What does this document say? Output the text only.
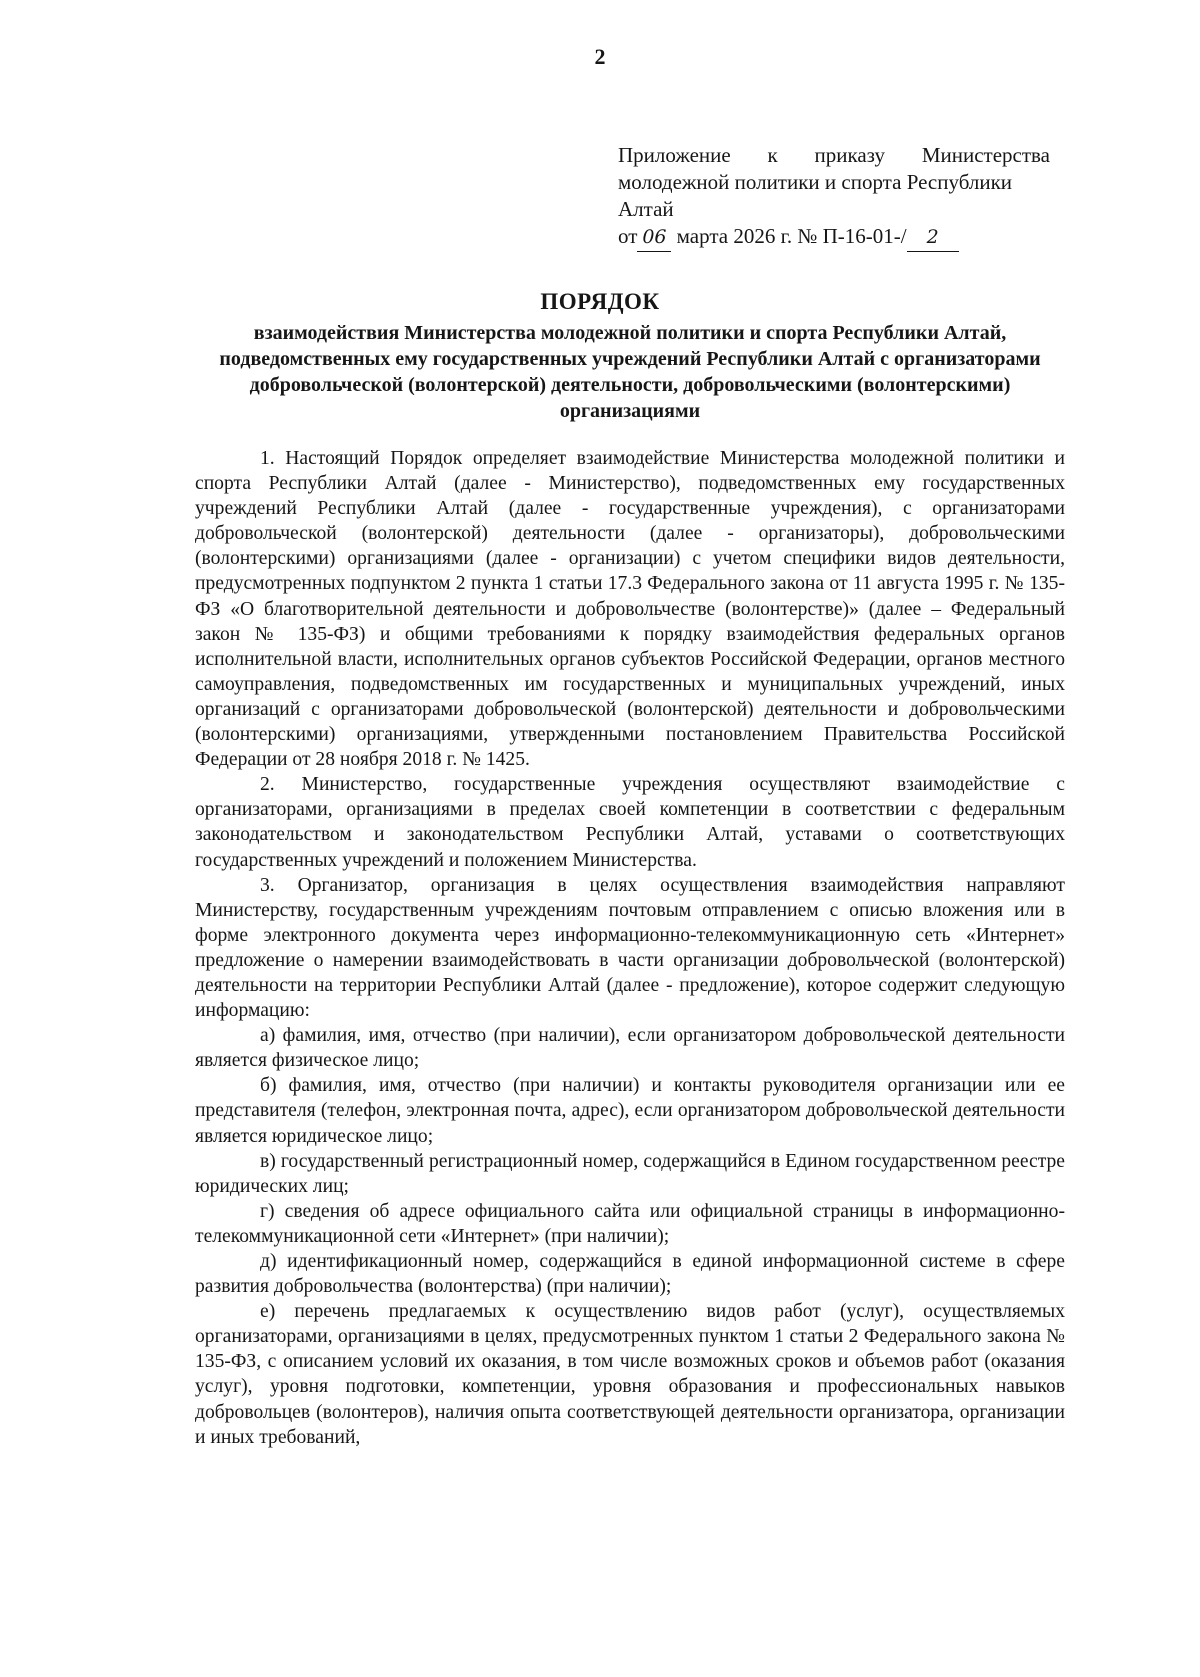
2
Приложение к приказу Министерства
молодежной политики и спорта Республики
Алтай
от 06 марта 2026 г. № П-16-01-/ 2
ПОРЯДОК
взаимодействия Министерства молодежной политики и спорта Республики Алтай, подведомственных ему государственных учреждений Республики Алтай с организаторами добровольческой (волонтерской) деятельности, добровольческими (волонтерскими) организациями

1. Настоящий Порядок определяет взаимодействие Министерства молодежной политики и спорта Республики Алтай (далее - Министерство), подведомственных ему государственных учреждений Республики Алтай (далее - государственные учреждения), с организаторами добровольческой (волонтерской) деятельности (далее - организаторы), добровольческими (волонтерскими) организациями (далее - организации) с учетом специфики видов деятельности, предусмотренных подпунктом 2 пункта 1 статьи 17.3 Федерального закона от 11 августа 1995 г. № 135-ФЗ «О благотворительной деятельности и добровольчестве (волонтерстве)» (далее – Федеральный закон № 135-ФЗ) и общими требованиями к порядку взаимодействия федеральных органов исполнительной власти, исполнительных органов субъектов Российской Федерации, органов местного самоуправления, подведомственных им государственных и муниципальных учреждений, иных организаций с организаторами добровольческой (волонтерской) деятельности и добровольческими (волонтерскими) организациями, утвержденными постановлением Правительства Российской Федерации от 28 ноября 2018 г. № 1425.

2. Министерство, государственные учреждения осуществляют взаимодействие с организаторами, организациями в пределах своей компетенции в соответствии с федеральным законодательством и законодательством Республики Алтай, уставами о соответствующих государственных учреждений и положением Министерства.

3. Организатор, организация в целях осуществления взаимодействия направляют Министерству, государственным учреждениям почтовым отправлением с описью вложения или в форме электронного документа через информационно-телекоммуникационную сеть «Интернет» предложение о намерении взаимодействовать в части организации добровольческой (волонтерской) деятельности на территории Республики Алтай (далее - предложение), которое содержит следующую информацию:

а) фамилия, имя, отчество (при наличии), если организатором добровольческой деятельности является физическое лицо;

б) фамилия, имя, отчество (при наличии) и контакты руководителя организации или ее представителя (телефон, электронная почта, адрес), если организатором добровольческой деятельности является юридическое лицо;

в) государственный регистрационный номер, содержащийся в Едином государственном реестре юридических лиц;

г) сведения об адресе официального сайта или официальной страницы в информационно-телекоммуникационной сети «Интернет» (при наличии);

д) идентификационный номер, содержащийся в единой информационной системе в сфере развития добровольчества (волонтерства) (при наличии);

е) перечень предлагаемых к осуществлению видов работ (услуг), осуществляемых организаторами, организациями в целях, предусмотренных пунктом 1 статьи 2 Федерального закона № 135-ФЗ, с описанием условий их оказания, в том числе возможных сроков и объемов работ (оказания услуг), уровня подготовки, компетенции, уровня образования и профессиональных навыков добровольцев (волонтеров), наличия опыта соответствующей деятельности организатора, организации и иных требований,
